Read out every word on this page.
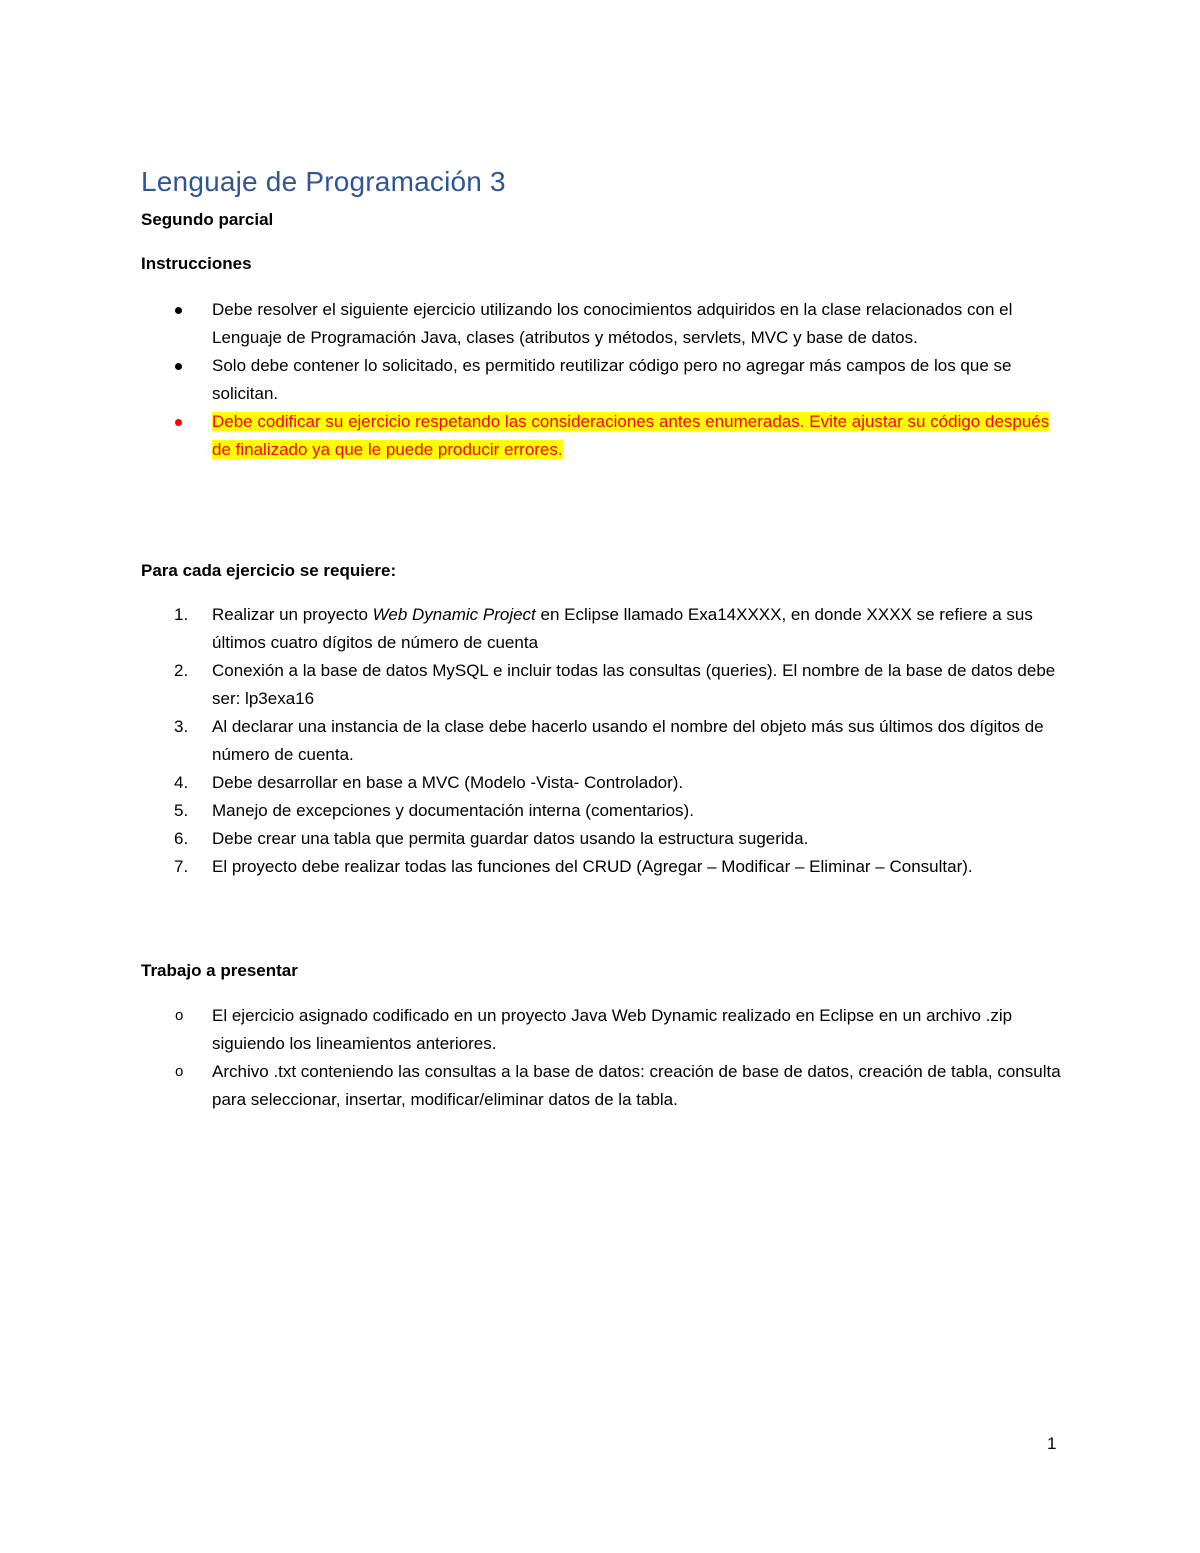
Lenguaje de Programación 3

Segundo parcial

Instrucciones

Debe resolver el siguiente ejercicio utilizando los conocimientos adquiridos en la clase relacionados con el Lenguaje de Programación Java, clases (atributos y métodos, servlets, MVC y base de datos.
Solo debe contener lo solicitado, es permitido reutilizar código pero no agregar más campos de los que se solicitan.
Debe codificar su ejercicio respetando las consideraciones antes enumeradas. Evite ajustar su código después de finalizado ya que le puede producir errores.

Para cada ejercicio se requiere:

1. Realizar un proyecto Web Dynamic Project en Eclipse llamado Exa14XXXX, en donde XXXX se refiere a sus últimos cuatro dígitos de número de cuenta
2. Conexión a la base de datos MySQL e incluir todas las consultas (queries). El nombre de la base de datos debe ser: lp3exa16
3. Al declarar una instancia de la clase debe hacerlo usando el nombre del objeto más sus últimos dos dígitos de número de cuenta.
4. Debe desarrollar en base a MVC (Modelo -Vista- Controlador).
5. Manejo de excepciones y documentación interna (comentarios).
6. Debe crear una tabla que permita guardar datos usando la estructura sugerida.
7. El proyecto debe realizar todas las funciones del CRUD (Agregar – Modificar – Eliminar – Consultar).

Trabajo a presentar

o El ejercicio asignado codificado en un proyecto Java Web Dynamic realizado en Eclipse en un archivo .zip siguiendo los lineamientos anteriores.
o Archivo .txt conteniendo las consultas a la base de datos: creación de base de datos, creación de tabla, consulta para seleccionar, insertar, modificar/eliminar datos de la tabla.
1
